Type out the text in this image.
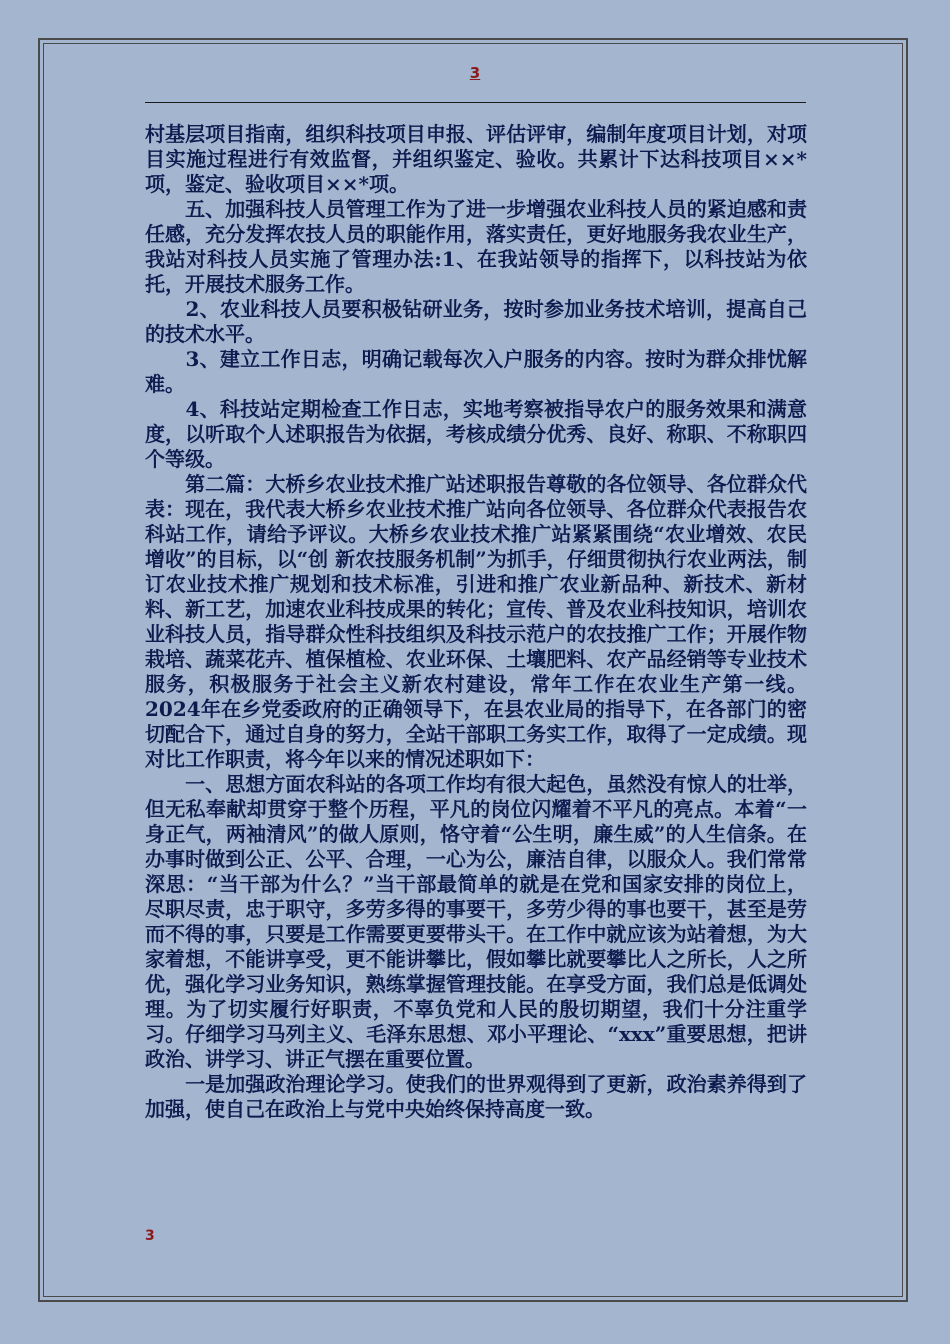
3

村基层项目指南，组织科技项目申报、评估评审，编制年度项目计划，对项目实施过程进行有效监督，并组织鉴定、验收。共累计下达科技项目××*项，鉴定、验收项目××*项。

　　五、加强科技人员管理工作为了进一步增强农业科技人员的紧迫感和责任感，充分发挥农技人员的职能作用，落实责任，更好地服务我农业生产，我站对科技人员实施了管理办法:1、在我站领导的指挥下，以科技站为依托，开展技术服务工作。

　　2、农业科技人员要积极钻研业务，按时参加业务技术培训，提高自己的技术水平。

　　3、建立工作日志，明确记载每次入户服务的内容。按时为群众排忧解难。

　　4、科技站定期检查工作日志，实地考察被指导农户的服务效果和满意度，以听取个人述职报告为依据，考核成绩分优秀、良好、称职、不称职四个等级。

　　第二篇：大桥乡农业技术推广站述职报告尊敬的各位领导、各位群众代表：现在，我代表大桥乡农业技术推广站向各位领导、各位群众代表报告农科站工作，请给予评议。大桥乡农业技术推广站紧紧围绕“农业增效、农民增收”的目标，以“创 新农技服务机制”为抓手，仔细贯彻执行农业两法，制订农业技术推广规划和技术标准，引进和推广农业新品种、新技术、新材料、新工艺，加速农业科技成果的转化；宣传、普及农业科技知识，培训农业科技人员，指导群众性科技组织及科技示范户的农技推广工作；开展作物栽培、蔬菜花卉、植保植检、农业环保、土壤肥料、农产品经销等专业技术服务，积极服务于社会主义新农村建设，常年工作在农业生产第一线。2024年在乡党委政府的正确领导下，在县农业局的指导下，在各部门的密切配合下，通过自身的努力，全站干部职工务实工作，取得了一定成绩。现对比工作职责，将今年以来的情况述职如下：

　　一、思想方面农科站的各项工作均有很大起色，虽然没有惊人的壮举，但无私奉献却贯穿于整个历程，平凡的岗位闪耀着不平凡的亮点。本着“一身正气，两袖清风”的做人原则，恪守着“公生明，廉生威”的人生信条。在办事时做到公正、公平、合理，一心为公，廉洁自律，以服众人。我们常常深思：“当干部为什么？”当干部最简单的就是在党和国家安排的岗位上，尽职尽责，忠于职守，多劳多得的事要干，多劳少得的事也要干，甚至是劳而不得的事，只要是工作需要更要带头干。在工作中就应该为站着想，为大家着想，不能讲享受，更不能讲攀比，假如攀比就要攀比人之所长，人之所优，强化学习业务知识，熟练掌握管理技能。在享受方面，我们总是低调处理。为了切实履行好职责，不辜负党和人民的殷切期望，我们十分注重学习。仔细学习马列主义、毛泽东思想、邓小平理论、“xxx”重要思想，把讲政治、讲学习、讲正气摆在重要位置。

　　一是加强政治理论学习。使我们的世界观得到了更新，政治素养得到了加强，使自己在政治上与党中央始终保持高度一致。

3
